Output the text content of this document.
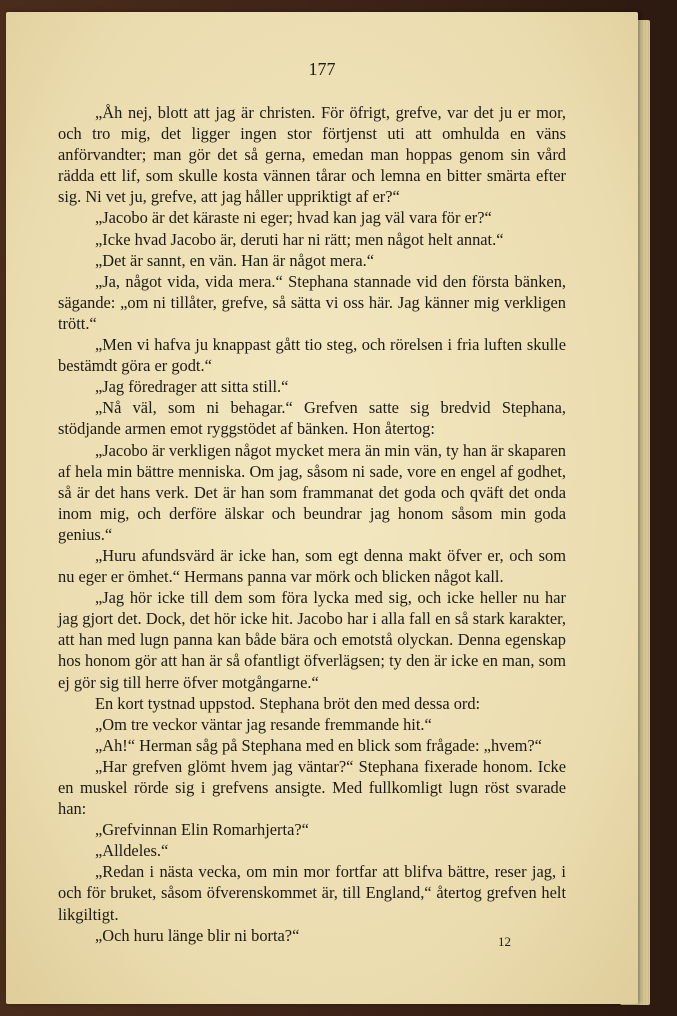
177

„Åh nej, blott att jag är christen. För öfrigt, grefve, var det ju er mor, och tro mig, det ligger ingen stor förtjenst uti att omhulda en väns anförvandter; man gör det så gerna, emedan man hoppas genom sin vård rädda ett lif, som skulle kosta vännen tårar och lemna en bitter smärta efter sig. Ni vet ju, grefve, att jag håller uppriktigt af er?“

„Jacobo är det käraste ni eger; hvad kan jag väl vara för er?“

„Icke hvad Jacobo är, deruti har ni rätt; men något helt annat.“

„Det är sannt, en vän. Han är något mera.“

„Ja, något vida, vida mera.“ Stephana stannade vid den första bänken, sägande: „om ni tillåter, grefve, så sätta vi oss här. Jag känner mig verkligen trött.“

„Men vi hafva ju knappast gått tio steg, och rörelsen i fria luften skulle bestämdt göra er godt.“

„Jag föredrager att sitta still.“

„Nå väl, som ni behagar.“ Grefven satte sig bredvid Stephana, stödjande armen emot ryggstödet af bänken. Hon återtog:

„Jacobo är verkligen något mycket mera än min vän, ty han är skaparen af hela min bättre menniska. Om jag, såsom ni sade, vore en engel af godhet, så är det hans verk. Det är han som frammanat det goda och qväft det onda inom mig, och derföre älskar och beundrar jag honom såsom min goda genius.“

„Huru afundsvärd är icke han, som egt denna makt öfver er, och som nu eger er ömhet.“ Hermans panna var mörk och blicken något kall.

„Jag hör icke till dem som föra lycka med sig, och icke heller nu har jag gjort det. Dock, det hör icke hit. Jacobo har i alla fall en så stark karakter, att han med lugn panna kan både bära och emotstå olyckan. Denna egenskap hos honom gör att han är så ofantligt öfverlägsen; ty den är icke en man, som ej gör sig till herre öfver motgångarne.“

En kort tystnad uppstod. Stephana bröt den med dessa ord:

„Om tre veckor väntar jag resande fremmande hit.“

„Ah!“ Herman såg på Stephana med en blick som frågade: „hvem?“

„Har grefven glömt hvem jag väntar?“ Stephana fixerade honom. Icke en muskel rörde sig i grefvens ansigte. Med fullkomligt lugn röst svarade han:

„Grefvinnan Elin Romarhjerta?“

„Alldeles.“

„Redan i nästa vecka, om min mor fortfar att blifva bättre, reser jag, i och för bruket, såsom öfverenskommet är, till England,“ återtog grefven helt likgiltigt.

„Och huru länge blir ni borta?“	12
